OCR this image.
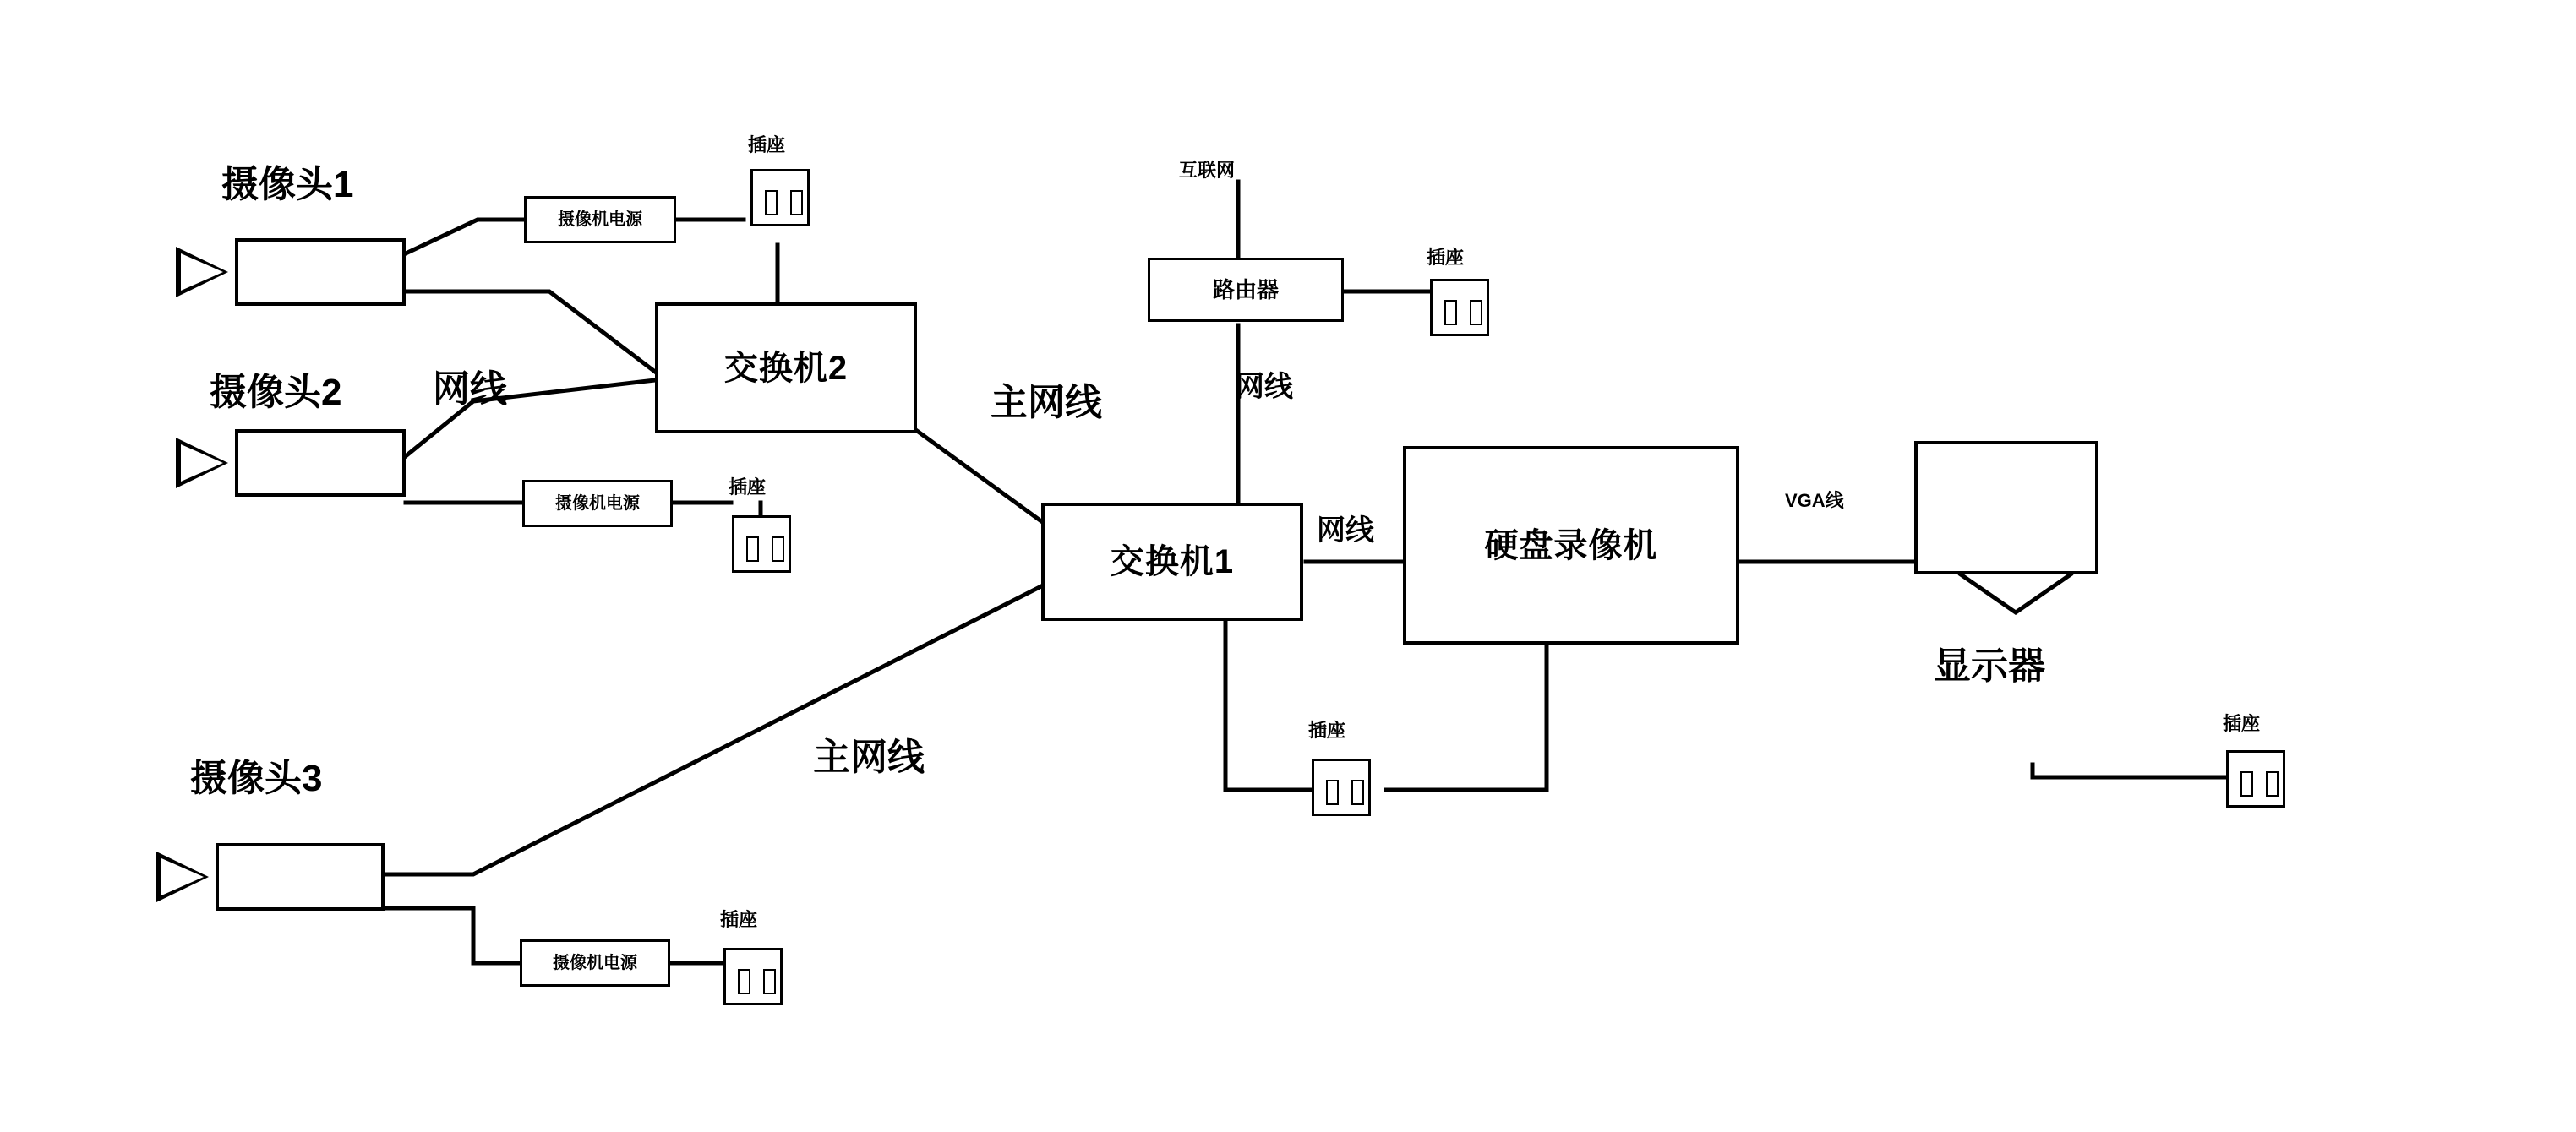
摄像头1
摄像机电源
插座
摄像头2 网线
摄像机电源
插座
交换机2
主网线
摄像头3
摄像机电源
插座
主网线
互联网
路由器
插座
网线
交换机1
网线	硬盘录像机
插座
VGA线
显示器
插座
